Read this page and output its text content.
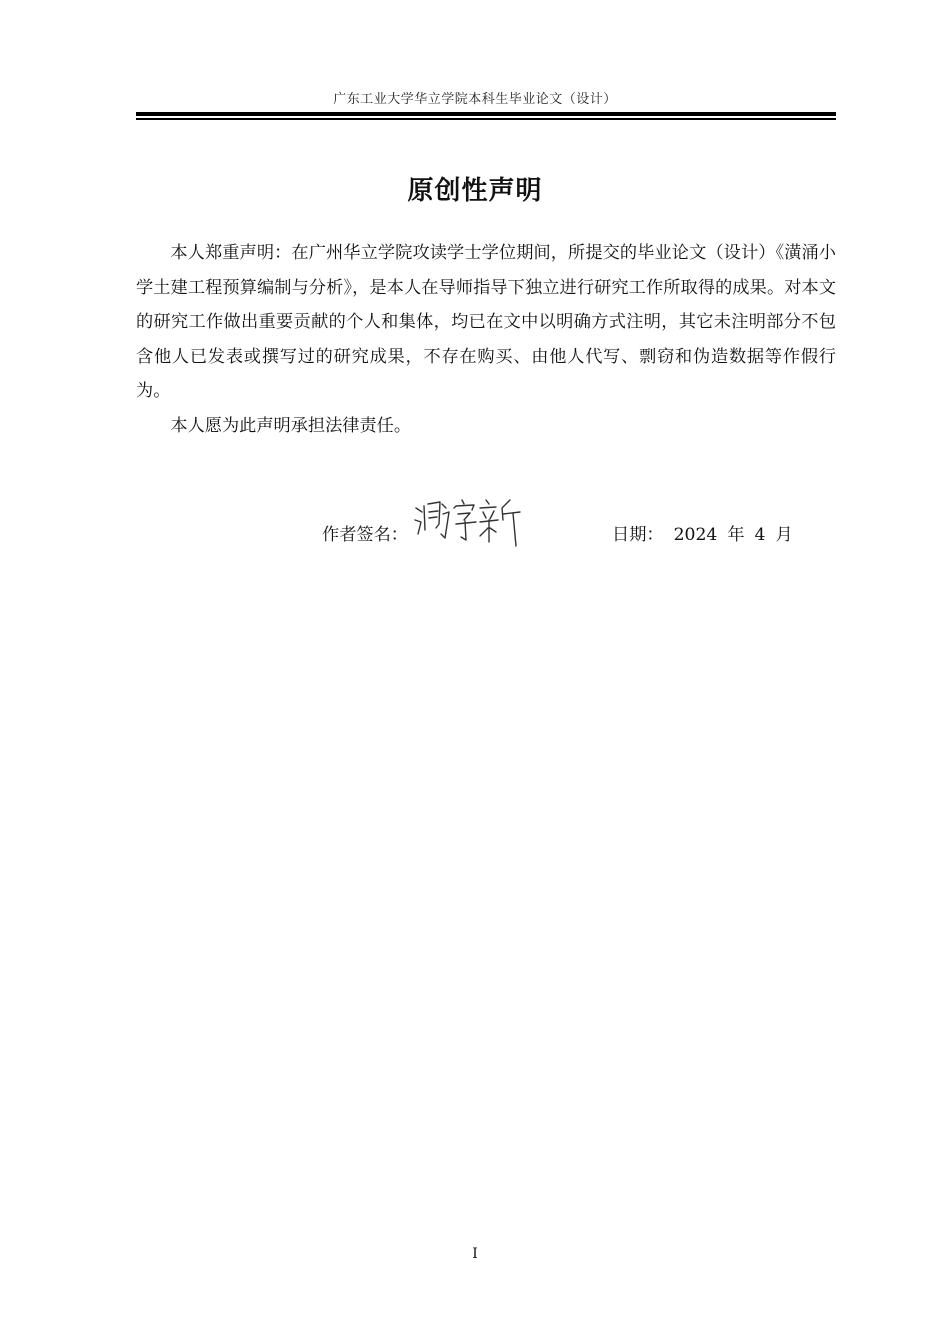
广东工业大学华立学院本科生毕业论文（设计）
原创性声明

本人郑重声明：在广州华立学院攻读学士学位期间，所提交的毕业论文（设计）《潢涌小学土建工程预算编制与分析》，是本人在导师指导下独立进行研究工作所取得的成果。对本文的研究工作做出重要贡献的个人和集体，均已在文中以明确方式注明，其它未注明部分不包含他人已发表或撰写过的研究成果，不存在购买、由他人代写、剽窃和伪造数据等作假行为。

本人愿为此声明承担法律责任。

作者签名：	日期： 2024 年 4 月
I
